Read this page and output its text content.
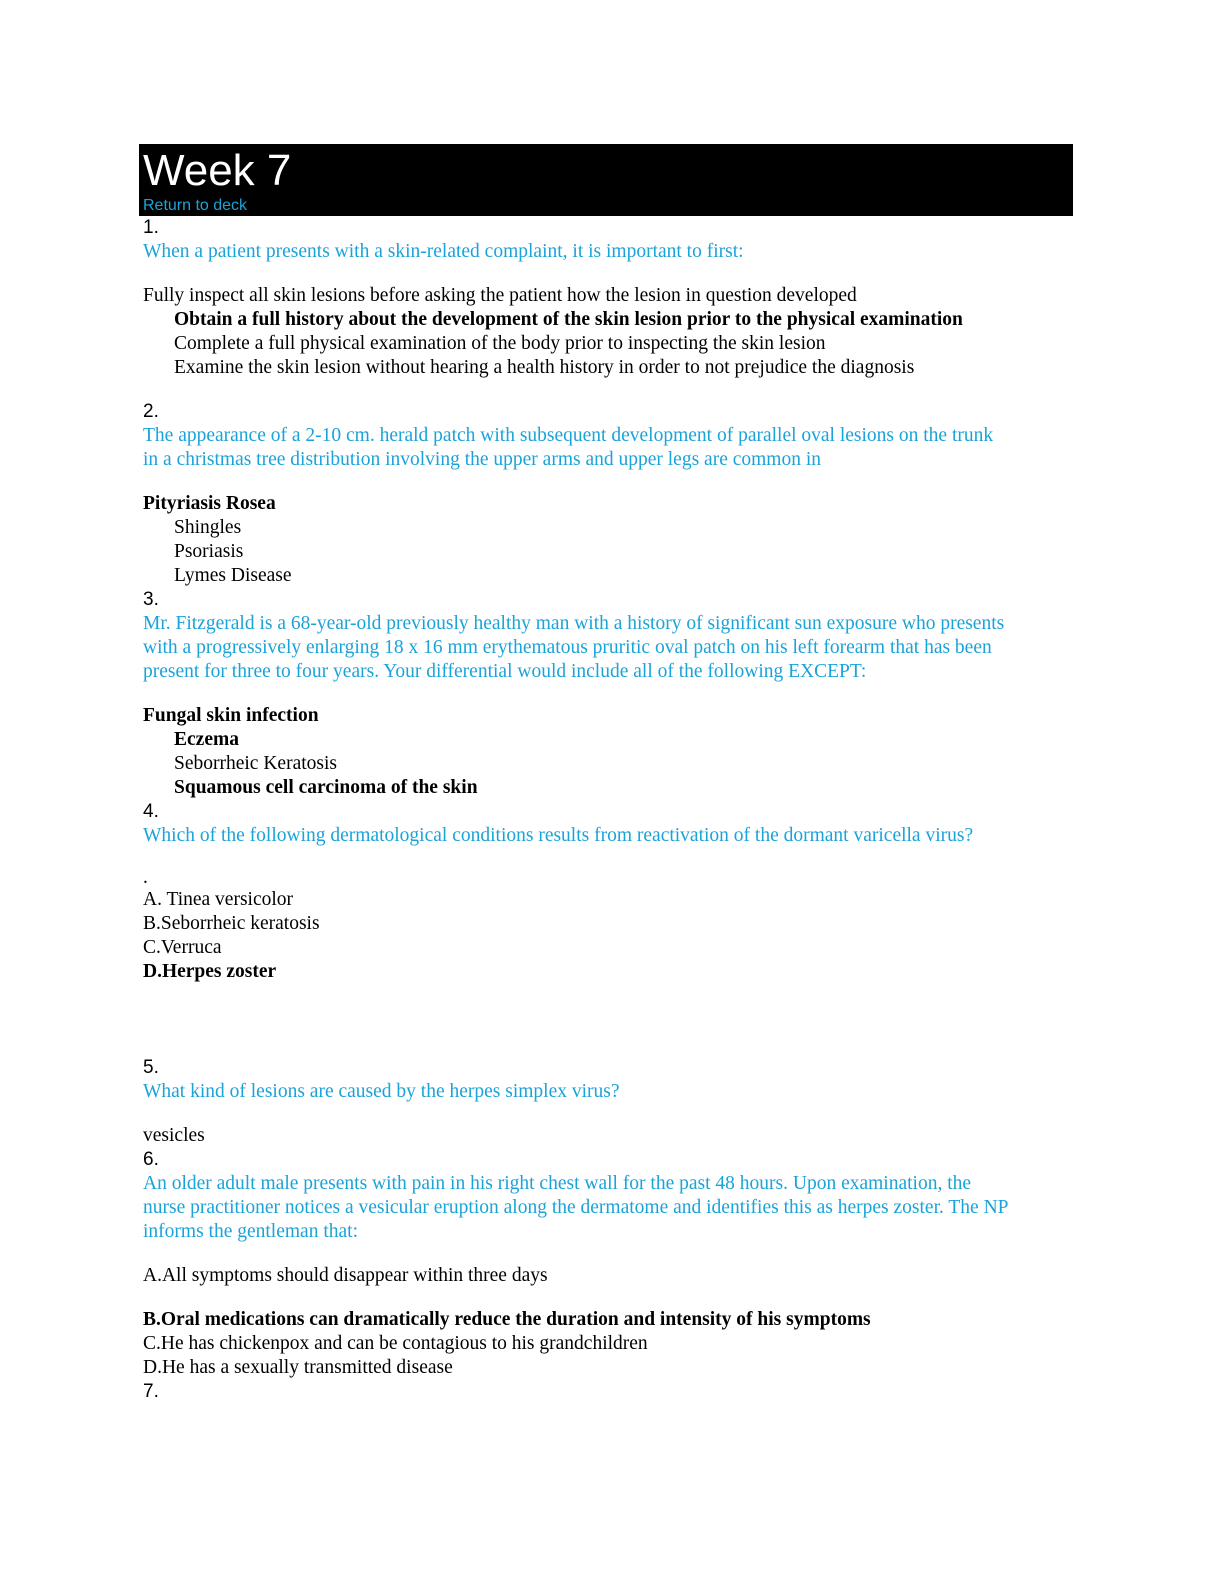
Week 7
Return to deck
1.
When a patient presents with a skin-related complaint, it is important to first:
Fully inspect all skin lesions before asking the patient how the lesion in question developed
Obtain a full history about the development of the skin lesion prior to the physical examination
Complete a full physical examination of the body prior to inspecting the skin lesion
Examine the skin lesion without hearing a health history in order to not prejudice the diagnosis
2.
The appearance of a 2-10 cm. herald patch with subsequent development of parallel oval lesions on the trunk
in a christmas tree distribution involving the upper arms and upper legs are common in
Pityriasis Rosea
Shingles
Psoriasis
Lymes Disease
3.
Mr. Fitzgerald is a 68-year-old previously healthy man with a history of significant sun exposure who presents
with a progressively enlarging 18 x 16 mm erythematous pruritic oval patch on his left forearm that has been
present for three to four years. Your differential would include all of the following EXCEPT:
Fungal skin infection
Eczema
Seborrheic Keratosis
Squamous cell carcinoma of the skin
4.
Which of the following dermatological conditions results from reactivation of the dormant varicella virus?
.
A. Tinea versicolor
B.Seborrheic keratosis
C.Verruca
D.Herpes zoster
5.
What kind of lesions are caused by the herpes simplex virus?
vesicles
6.
An older adult male presents with pain in his right chest wall for the past 48 hours. Upon examination, the
nurse practitioner notices a vesicular eruption along the dermatome and identifies this as herpes zoster. The NP
informs the gentleman that:
A.All symptoms should disappear within three days
B.Oral medications can dramatically reduce the duration and intensity of his symptoms
C.He has chickenpox and can be contagious to his grandchildren
D.He has a sexually transmitted disease
7.
